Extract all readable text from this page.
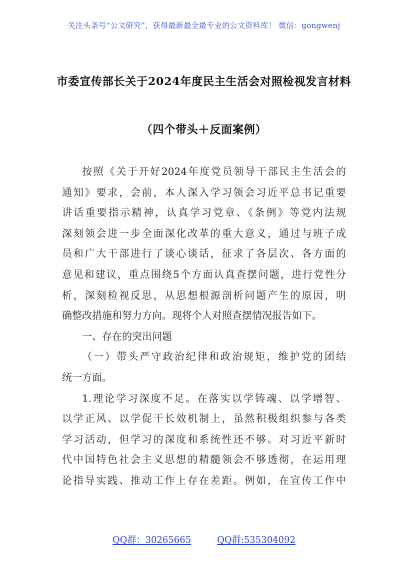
关注头条号“公文研究”，获得最新最全最专业的公文资料库！ 微信：gongwenj
市委宣传部长关于2024年度民主生活会对照检视发言材料
（四个带头＋反面案例）
按照《关于开好2024年度党员领导干部民主生活会的
通知》要求，会前，本人深入学习领会习近平总书记重要
讲话重要指示精神，认真学习党章、《条例》等党内法规
深刻领会进一步全面深化改革的重大意义，通过与班子成
员和广大干部进行了谈心谈话，征求了各层次、各方面的
意见和建议，重点围绕5个方面认真查摆问题，进行党性分
析，深刻检视反思，从思想根源剖析问题产生的原因，明
确整改措施和努力方向。现将个人对照查摆情况报告如下。
一、存在的突出问题
（一）带头严守政治纪律和政治规矩，维护党的团结
统一方面。
1.理论学习深度不足。在落实以学铸魂、以学增智、
以学正风、以学促干长效机制上，虽然积极组织参与各类
学习活动，但学习的深度和系统性还不够。对习近平新时
代中国特色社会主义思想的精髓领会不够透彻，在运用理
论指导实践、推动工作上存在差距。例如，在宣传工作中
QQ群：30265665	QQ群:535304092
